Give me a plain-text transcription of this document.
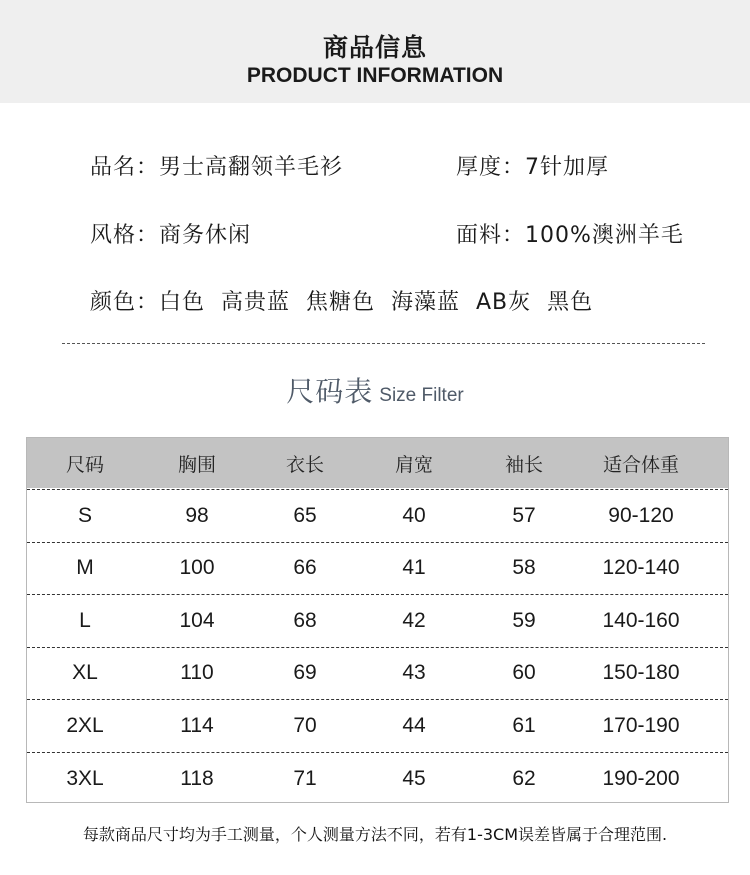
商品信息
PRODUCT INFORMATION
品名：男士高翻领羊毛衫	厚度：7针加厚
风格：商务休闲	面料：100%澳洲羊毛
颜色：白色  高贵蓝  焦糖色  海藻蓝  AB灰  黑色
尺码表 Size Filter
尺码	胸围	衣长	肩宽	袖长	适合体重
S	98	65	40	57	90-120
M	100	66	41	58	120-140
L	104	68	42	59	140-160
XL	110	69	43	60	150-180
2XL	114	70	44	61	170-190
3XL	118	71	45	62	190-200
每款商品尺寸均为手工测量，个人测量方法不同，若有1-3CM误差皆属于合理范围.
